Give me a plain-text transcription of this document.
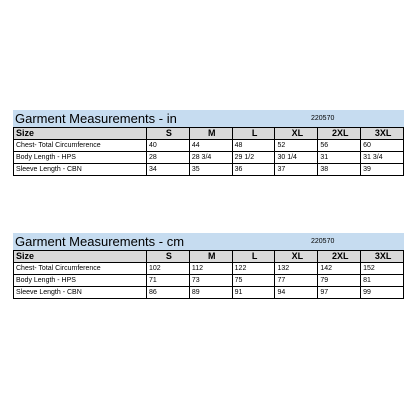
Garment Measurements - in	220570
Size	S	M	L	XL	2XL	3XL
Chest- Total Circumference	40	44	48	52	56	60
Body Length - HPS	28	28 3/4	29 1/2	30 1/4	31	31 3/4
Sleeve Length - CBN	34	35	36	37	38	39
Garment Measurements - cm	220570
Size	S	M	L	XL	2XL	3XL
Chest- Total Circumference	102	112	122	132	142	152
Body Length - HPS	71	73	75	77	79	81
Sleeve Length - CBN	86	89	91	94	97	99
